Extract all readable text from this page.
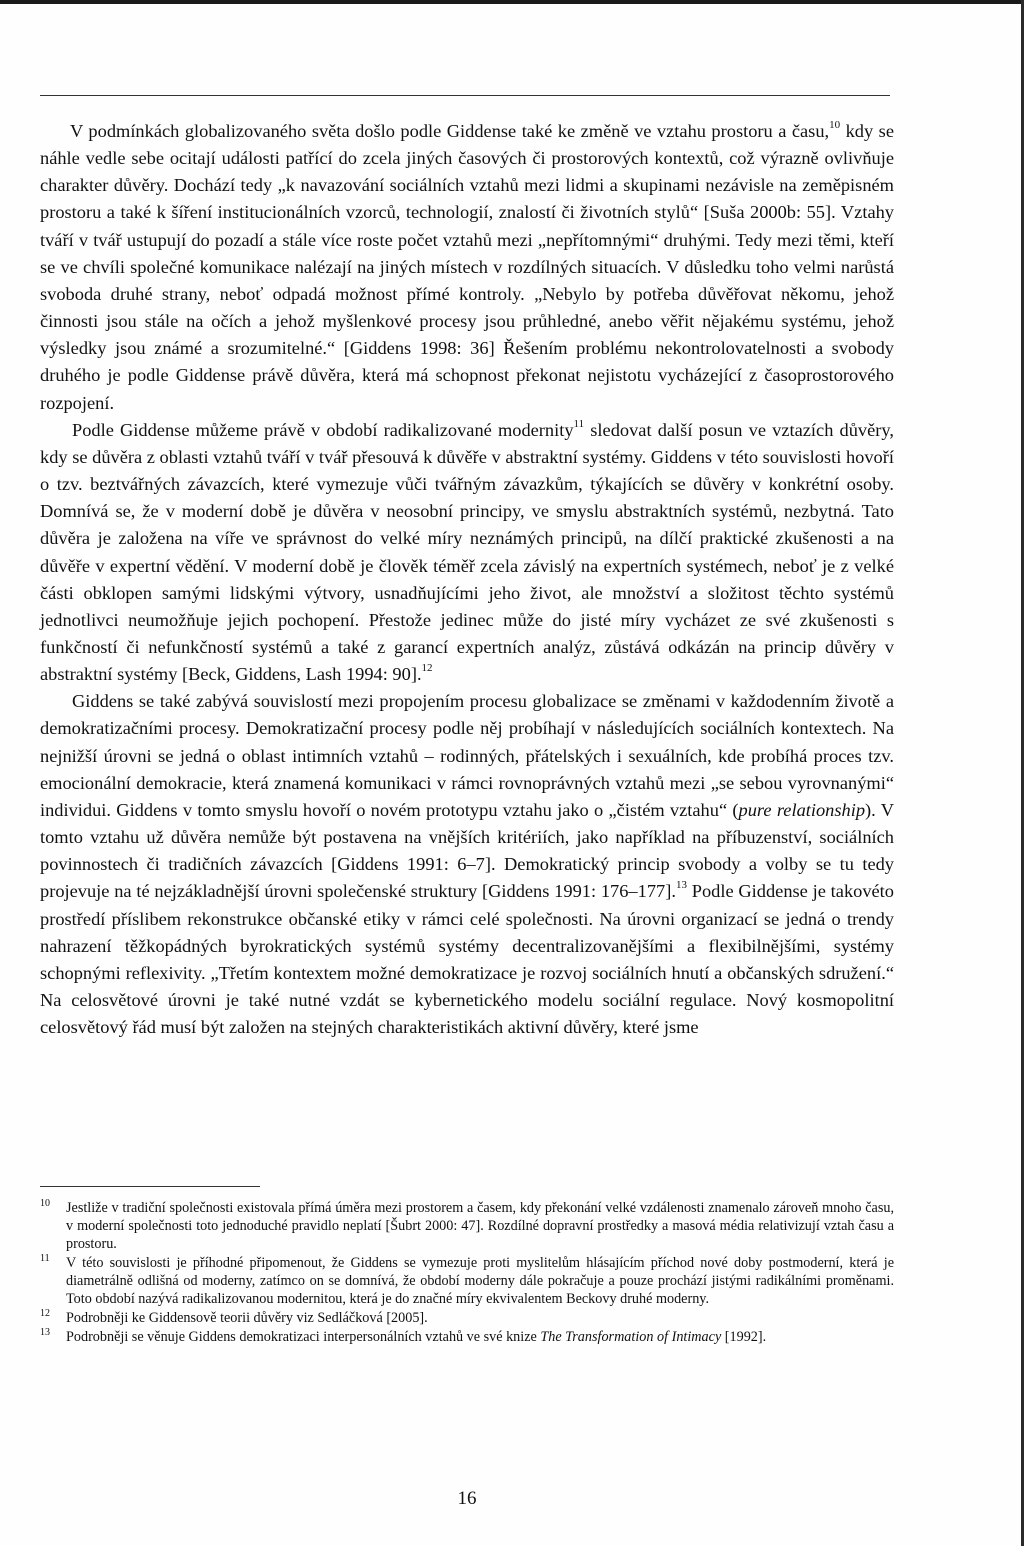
V podmínkách globalizovaného světa došlo podle Giddense také ke změně ve vztahu prostoru a času,$^{10}$ kdy se náhle vedle sebe ocitají události patřící do zcela jiných časových či prostorových kontextů, což výrazně ovlivňuje charakter důvěry. Dochází tedy „k navazování sociálních vztahů mezi lidmi a skupinami nezávisle na zeměpisném prostoru a také k šíření institucionálních vzorců, technologií, znalostí či životních stylů“ [Suša 2000b: 55]. Vztahy tváří v tvář ustupují do pozadí a stále více roste počet vztahů mezi „nepřítomnými“ druhými. Tedy mezi těmi, kteří se ve chvíli společné komunikace nalézají na jiných místech v rozdílných situacích. V důsledku toho velmi narůstá svoboda druhé strany, neboť odpadá možnost přímé kontroly. „Nebylo by potřeba důvěřovat někomu, jehož činnosti jsou stále na očích a jehož myšlenkové procesy jsou průhledné, anebo věřit nějakému systému, jehož výsledky jsou známé a srozumitelné.“ [Giddens 1998: 36] Řešením problému nekontrolovatelnosti a svobody druhého je podle Giddense právě důvěra, která má schopnost překonat nejistotu vycházející z časoprostorového rozpojení.

Podle Giddense můžeme právě v období radikalizované modernity$^{11}$ sledovat další posun ve vztazích důvěry, kdy se důvěra z oblasti vztahů tváří v tvář přesouvá k důvěře v abstraktní systémy. Giddens v této souvislosti hovoří o tzv. beztvářných závazcích, které vymezuje vůči tvářným závazkům, týkajících se důvěry v konkrétní osoby. Domnívá se, že v moderní době je důvěra v neosobní principy, ve smyslu abstraktních systémů, nezbytná. Tato důvěra je založena na víře ve správnost do velké míry neznámých principů, na dílčí praktické zkušenosti a na důvěře v expertní vědění. V moderní době je člověk téměř zcela závislý na expertních systémech, neboť je z velké části obklopen samými lidskými výtvory, usnadňujícími jeho život, ale množství a složitost těchto systémů jednotlivci neumožňuje jejich pochopení. Přestože jedinec může do jisté míry vycházet ze své zkušenosti s funkčností či nefunkčností systémů a také z garancí expertních analýz, zůstává odkázán na princip důvěry v abstraktní systémy [Beck, Giddens, Lash 1994: 90].$^{12}$

Giddens se také zabývá souvislostí mezi propojením procesu globalizace se změnami v každodenním životě a demokratizačními procesy. Demokratizační procesy podle něj probíhají v následujících sociálních kontextech. Na nejnižší úrovni se jedná o oblast intimních vztahů – rodinných, přátelských i sexuálních, kde probíhá proces tzv. emocionální demokracie, která znamená komunikaci v rámci rovnoprávných vztahů mezi „se sebou vyrovnanými“ individui. Giddens v tomto smyslu hovoří o novém prototypu vztahu jako o „čistém vztahu“ (pure relationship). V tomto vztahu už důvěra nemůže být postavena na vnějších kritériích, jako například na příbuzenství, sociálních povinnostech či tradičních závazcích [Giddens 1991: 6–7]. Demokratický princip svobody a volby se tu tedy projevuje na té nejzákladnější úrovni společenské struktury [Giddens 1991: 176–177].$^{13}$ Podle Giddense je takovéto prostředí příslibem rekonstrukce občanské etiky v rámci celé společnosti. Na úrovni organizací se jedná o trendy nahrazení těžkopádných byrokratických systémů systémy decentralizovanějšími a flexibilnějšími, systémy schopnými reflexivity. „Třetím kontextem možné demokratizace je rozvoj sociálních hnutí a občanských sdružení.“ Na celosvětové úrovni je také nutné vzdát se kybernetického modelu sociální regulace. Nový kosmopolitní celosvětový řád musí být založen na stejných charakteristikách aktivní důvěry, které jsme

10 Jestliže v tradiční společnosti existovala přímá úměra mezi prostorem a časem, kdy překonání velké vzdálenosti znamenalo zároveň mnoho času, v moderní společnosti toto jednoduché pravidlo neplatí [Šubrt 2000: 47]. Rozdílné dopravní prostředky a masová média relativizují vztah času a prostoru.

11 V této souvislosti je příhodné připomenout, že Giddens se vymezuje proti myslitelům hlásajícím příchod nové doby postmoderní, která je diametrálně odlišná od moderny, zatímco on se domnívá, že období moderny dále pokračuje a pouze prochází jistými radikálními proměnami. Toto období nazývá radikalizovanou modernitou, která je do značné míry ekvivalentem Beckovy druhé moderny.

12 Podrobněji ke Giddensově teorii důvěry viz Sedláčková [2005].

13 Podrobněji se věnuje Giddens demokratizaci interpersonálních vztahů ve své knize The Transformation of Intimacy [1992].

16
